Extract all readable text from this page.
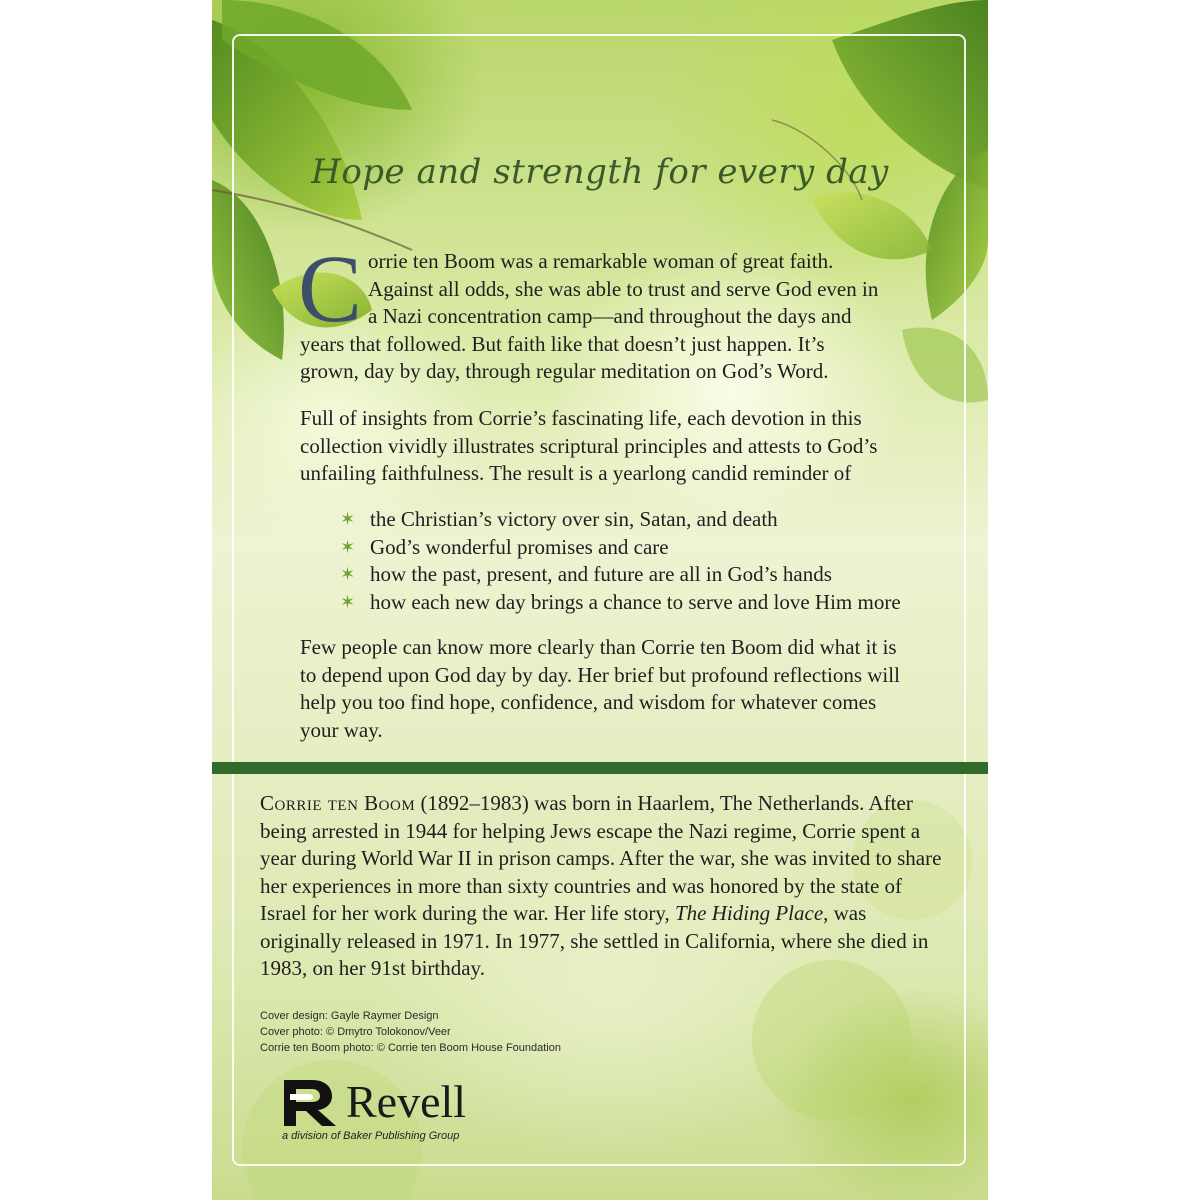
Hope and strength for every day
C orrie ten Boom was a remarkable woman of great faith. Against all odds, she was able to trust and serve God even in a Nazi concentration camp—and throughout the days and years that followed. But faith like that doesn’t just happen. It’s grown, day by day, through regular meditation on God’s Word.
Full of insights from Corrie’s fascinating life, each devotion in this collection vividly illustrates scriptural principles and attests to God’s unfailing faithfulness. The result is a yearlong candid reminder of
✶ the Christian’s victory over sin, Satan, and death
✶ God’s wonderful promises and care
✶ how the past, present, and future are all in God’s hands
✶ how each new day brings a chance to serve and love Him more
Few people can know more clearly than Corrie ten Boom did what it is to depend upon God day by day. Her brief but profound reflections will help you too find hope, confidence, and wisdom for whatever comes your way.
Corrie ten Boom (1892–1983) was born in Haarlem, The Netherlands. After being arrested in 1944 for helping Jews escape the Nazi regime, Corrie spent a year during World War II in prison camps. After the war, she was invited to share her experiences in more than sixty countries and was honored by the state of Israel for her work during the war. Her life story, The Hiding Place, was originally released in 1971. In 1977, she settled in California, where she died in 1983, on her 91st birthday.
Cover design: Gayle Raymer Design
Cover photo: © Dmytro Tolokonov/Veer
Corrie ten Boom photo: © Corrie ten Boom House Foundation
Revell
a division of Baker Publishing Group
